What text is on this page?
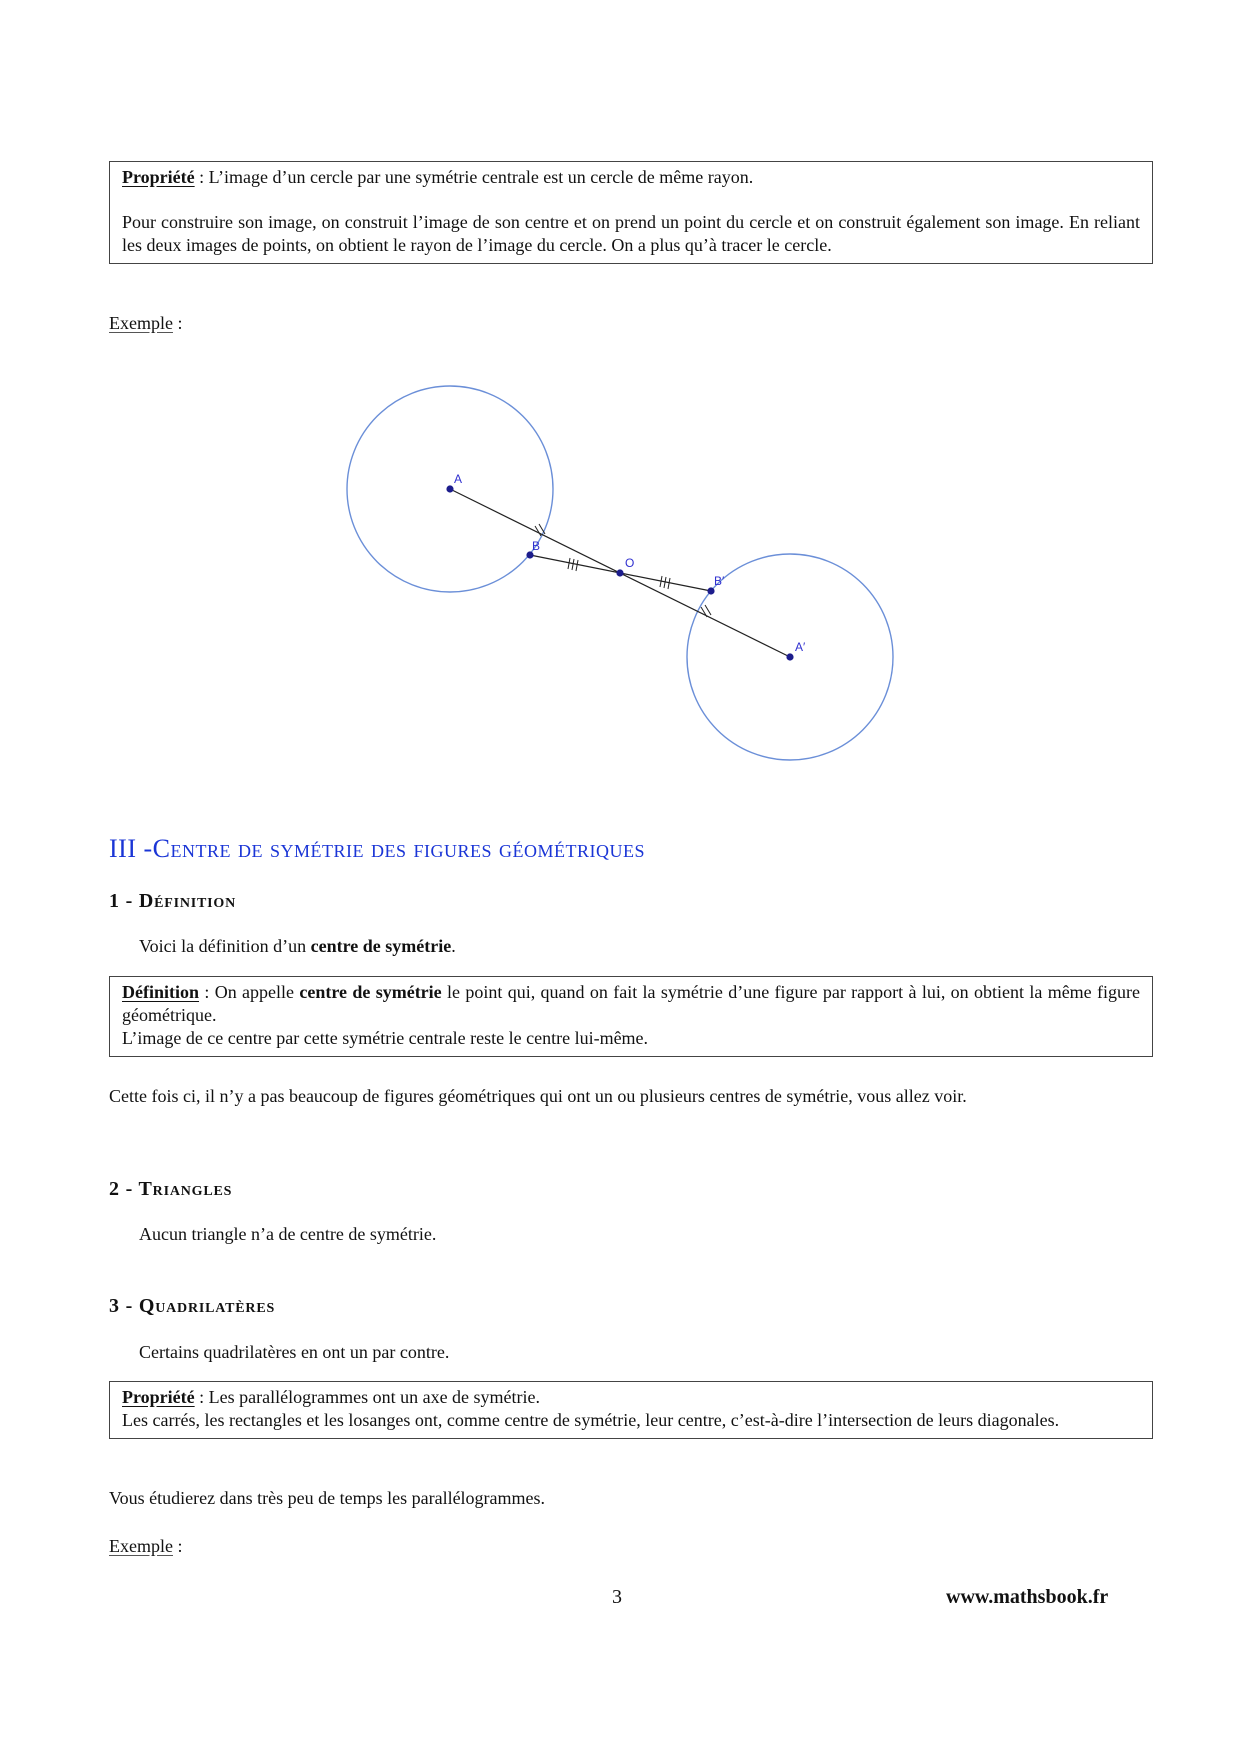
Propriété : L’image d’un cercle par une symétrie centrale est un cercle de même rayon.

Pour construire son image, on construit l’image de son centre et on prend un point du cercle et on construit également son image. En reliant les deux images de points, on obtient le rayon de l’image du cercle. On a plus qu’à tracer le cercle.

Exemple :
A
B
O
B′
A′
III -Centre de symétrie des figures géométriques
1 - Définition
Voici la définition d’un centre de symétrie.

Définition : On appelle centre de symétrie le point qui, quand on fait la symétrie d’une figure par rapport à lui, on obtient la même figure géométrique.

L’image de ce centre par cette symétrie centrale reste le centre lui-même.

Cette fois ci, il n’y a pas beaucoup de figures géométriques qui ont un ou plusieurs centres de symétrie, vous allez voir.
2 - Triangles
Aucun triangle n’a de centre de symétrie.
3 - Quadrilatères
Certains quadrilatères en ont un par contre.

Propriété : Les parallélogrammes ont un axe de symétrie.

Les carrés, les rectangles et les losanges ont, comme centre de symétrie, leur centre, c’est-à-dire l’intersection de leurs diagonales.

Vous étudierez dans très peu de temps les parallélogrammes.
Exemple :
3	www.mathsbook.fr
